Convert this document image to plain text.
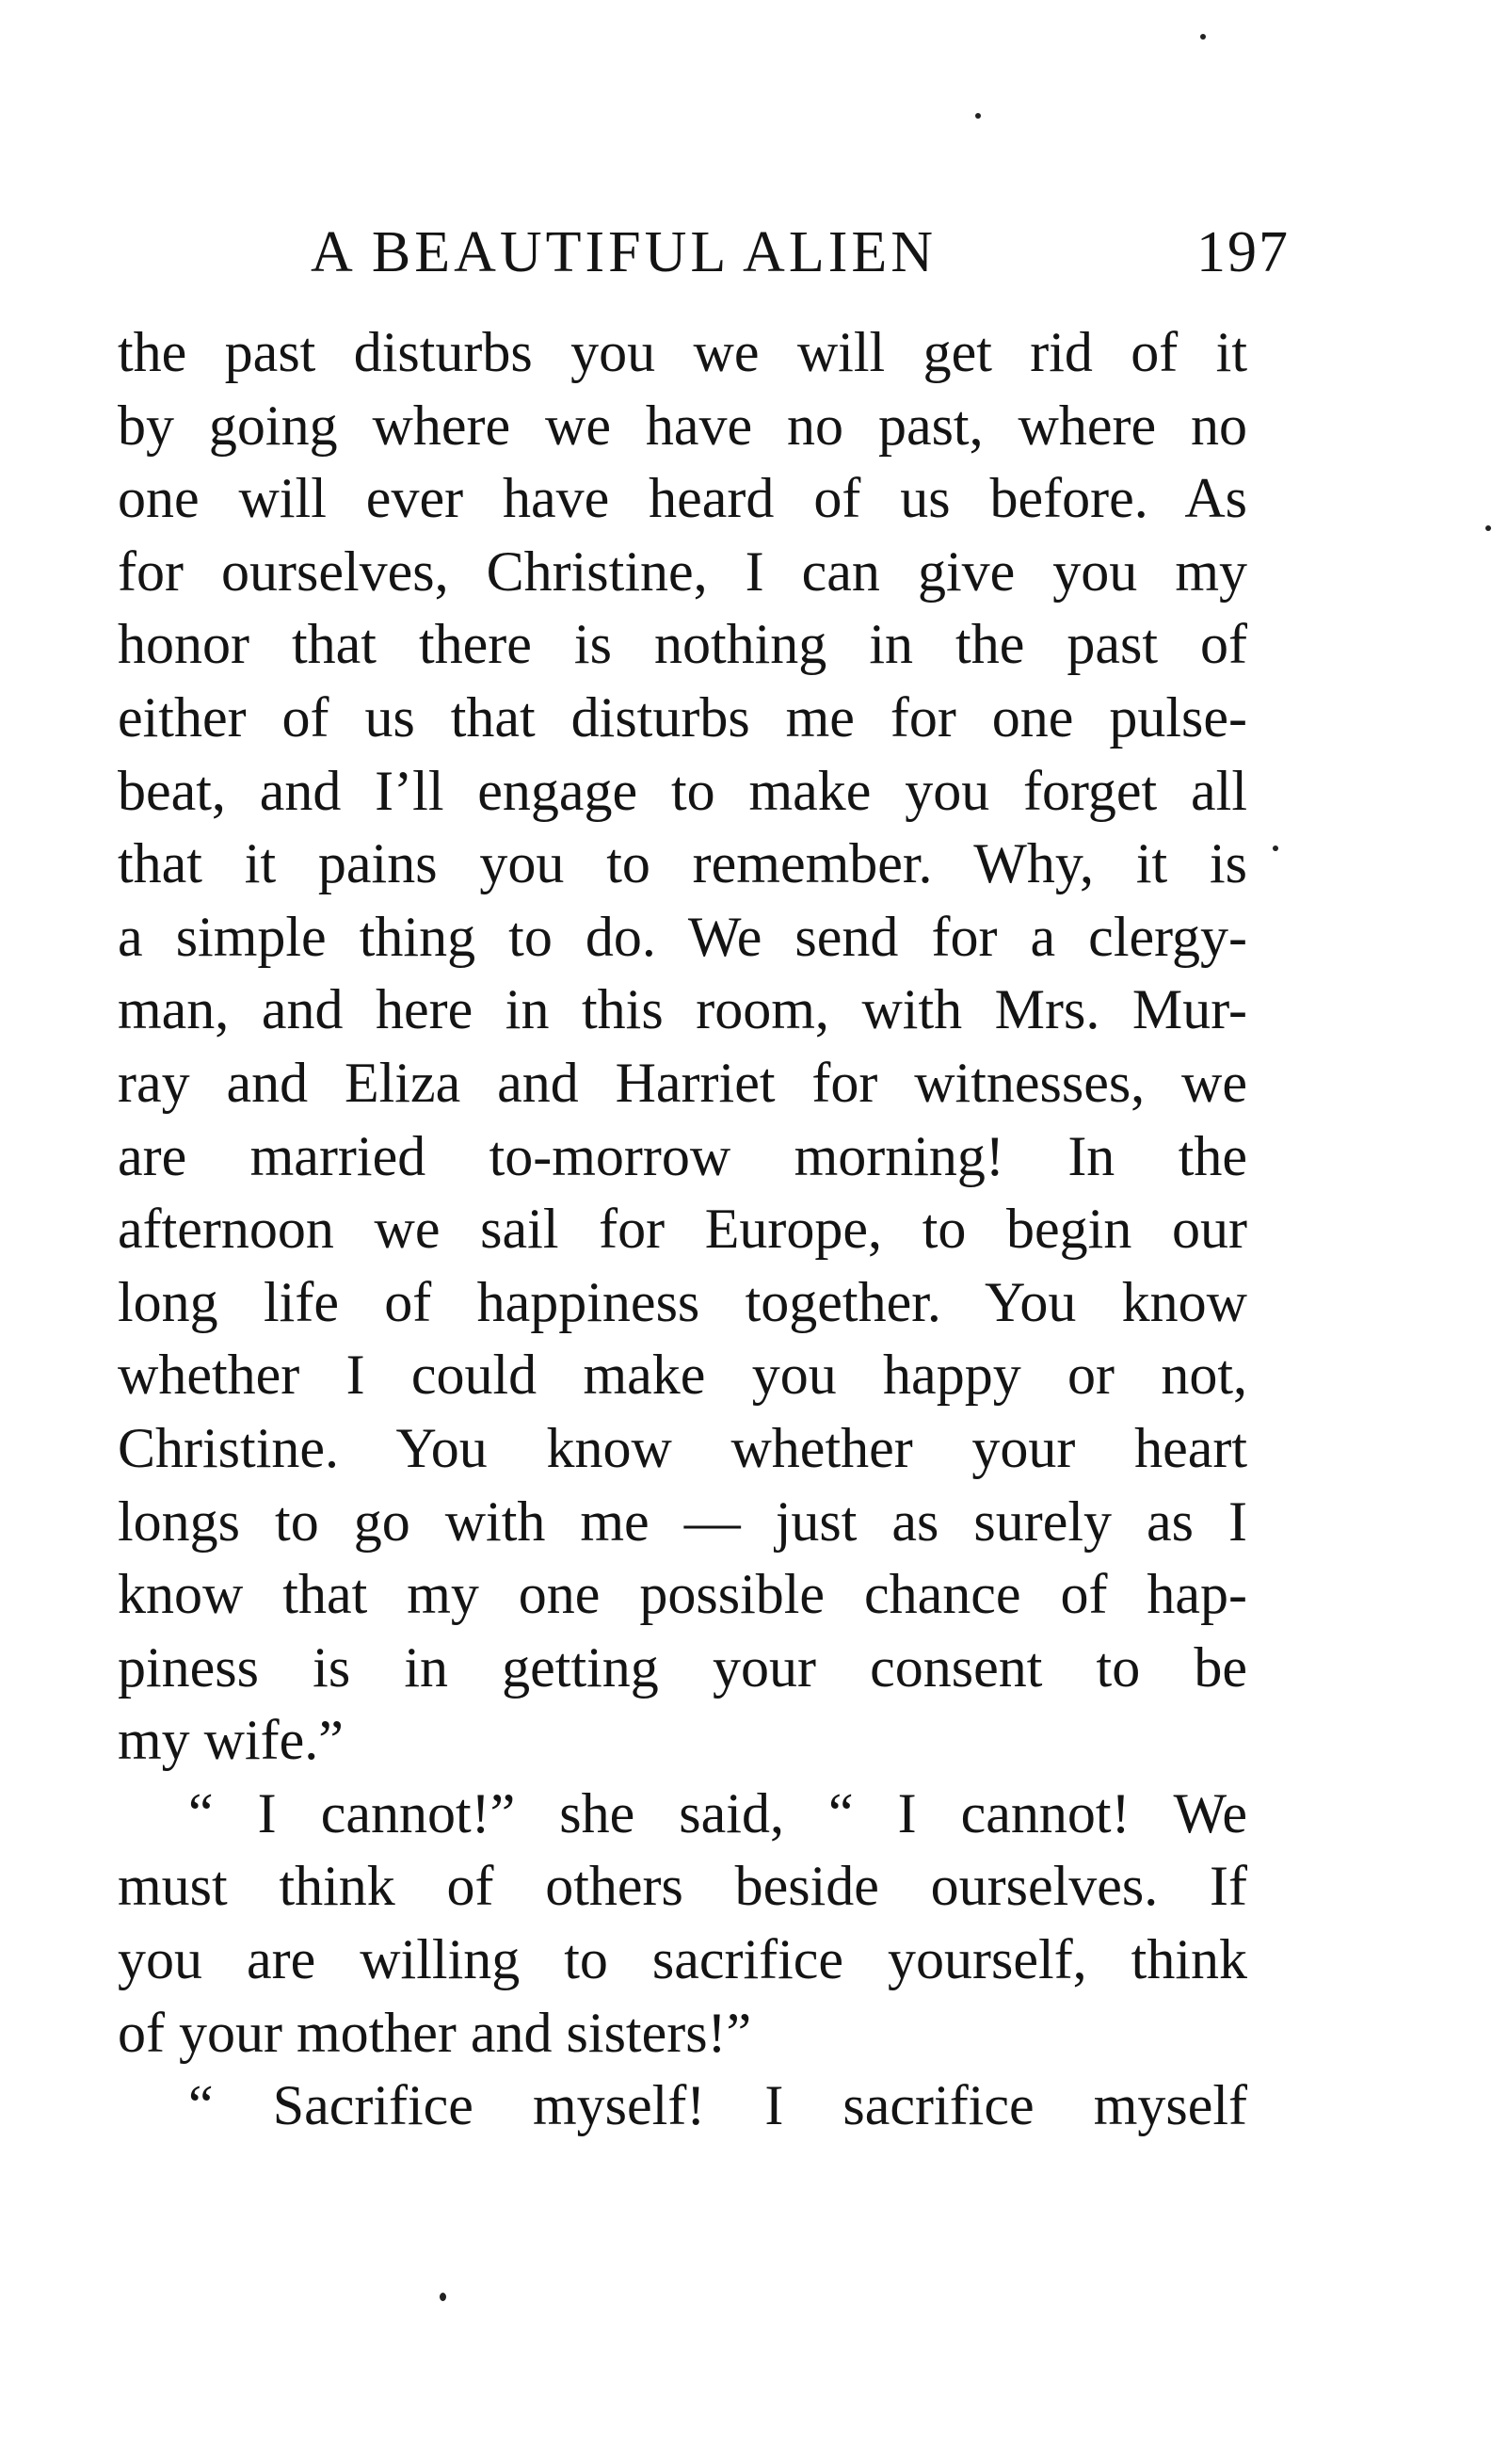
A BEAUTIFUL ALIEN	197
the past disturbs you we will get rid of it
by going where we have no past, where no
one will ever have heard of us before. As
for ourselves, Christine, I can give you my
honor that there is nothing in the past of
either of us that disturbs me for one pulse-
beat, and I’ll engage to make you forget all
that it pains you to remember. Why, it is
a simple thing to do. We send for a clergy-
man, and here in this room, with Mrs. Mur-
ray and Eliza and Harriet for witnesses, we
are married to-morrow morning! In the
afternoon we sail for Europe, to begin our
long life of happiness together. You know
whether I could make you happy or not,
Christine. You know whether your heart
longs to go with me — just as surely as I
know that my one possible chance of hap-
piness is in getting your consent to be
my wife.”
“ I cannot!” she said, “ I cannot! We
must think of others beside ourselves. If
you are willing to sacrifice yourself, think
of your mother and sisters!”
“ Sacrifice myself! I sacrifice myself
